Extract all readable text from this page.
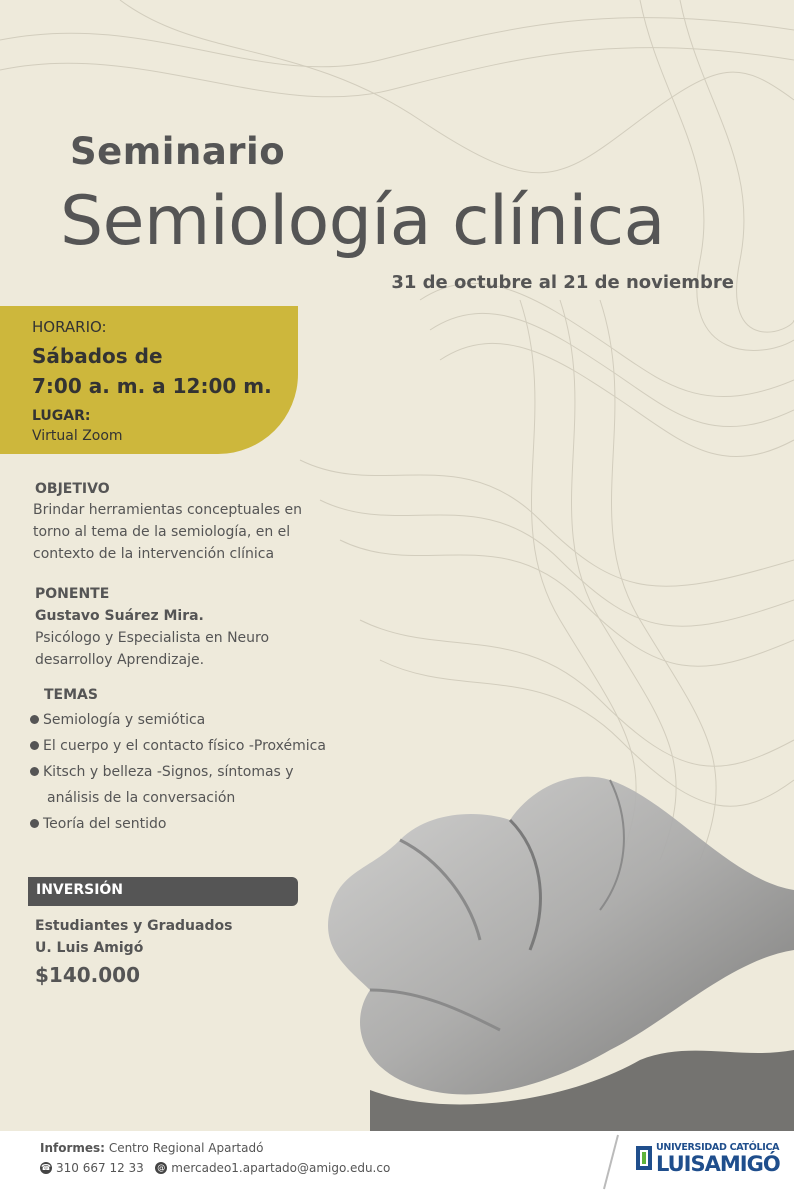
Seminario
Semiología clínica
31 de octubre al 21 de noviembre
HORARIO:
Sábados de
7:00 a. m. a 12:00 m.
LUGAR:
Virtual Zoom
OBJETIVO
Brindar herramientas conceptuales en
torno al tema de la semiología, en el
contexto de la intervención clínica
PONENTE
Gustavo Suárez Mira.
Psicólogo y Especialista en Neuro
desarrolloy Aprendizaje.
TEMAS
Semiología y semiótica
El cuerpo y el contacto físico -Proxémica
Kitsch y belleza -Signos, síntomas y
análisis de la conversación
Teoría del sentido
INVERSIÓN
Estudiantes y Graduados
U. Luis Amigó
$140.000
Informes: Centro Regional Apartadó
☎ 310 667 12 33 @ mercadeo1.apartado@amigo.edu.co
UNIVERSIDAD CATÓLICA
LUISAMIGÓ
